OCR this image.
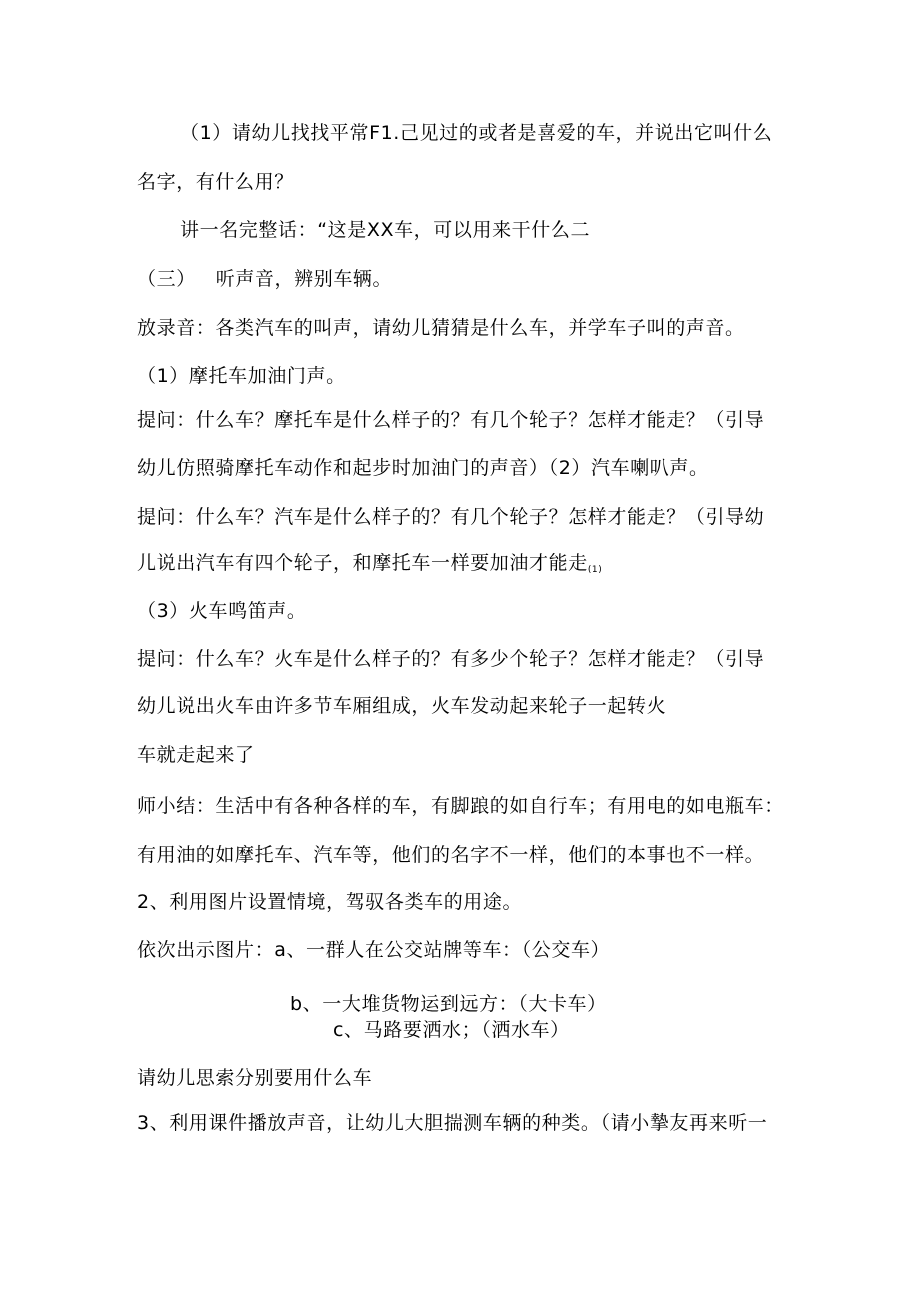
（1）请幼儿找找平常F1.己见过的或者是喜爱的车，并说出它叫什么
名字，有什么用？
讲一名完整话：“这是XX车，可以用来干什么二
（三）   听声音，辨别车辆。
放录音：各类汽车的叫声，请幼儿猜猜是什么车，并学车子叫的声音。
（1）摩托车加油门声。
提问：什么车？摩托车是什么样子的？有几个轮子？怎样才能走？（引导
幼儿仿照骑摩托车动作和起步时加油门的声音）（2）汽车喇叭声。
提问：什么车？汽车是什么样子的？有几个轮子？怎样才能走？（引导幼
儿说出汽车有四个轮子，和摩托车一样要加油才能走$_{(1)}$
（3）火车鸣笛声。
提问：什么车？火车是什么样子的？有多少个轮子？怎样才能走？（引导
幼儿说出火车由许多节车厢组成，火车发动起来轮子一起转火
车就走起来了
师小结：生活中有各种各样的车，有脚踉的如自行车；有用电的如电瓶车：
有用油的如摩托车、汽车等，他们的名字不一样，他们的本事也不一样。
2、利用图片设置情境，驾驭各类车的用途。
依次出示图片：a、一群人在公交站牌等车：（公交车）
b、一大堆货物运到远方：（大卡车）
c、马路要洒水；（洒水车）
请幼儿思索分别要用什么车
3、利用课件播放声音，让幼儿大胆揣测车辆的种类。（请小摯友再来听一
